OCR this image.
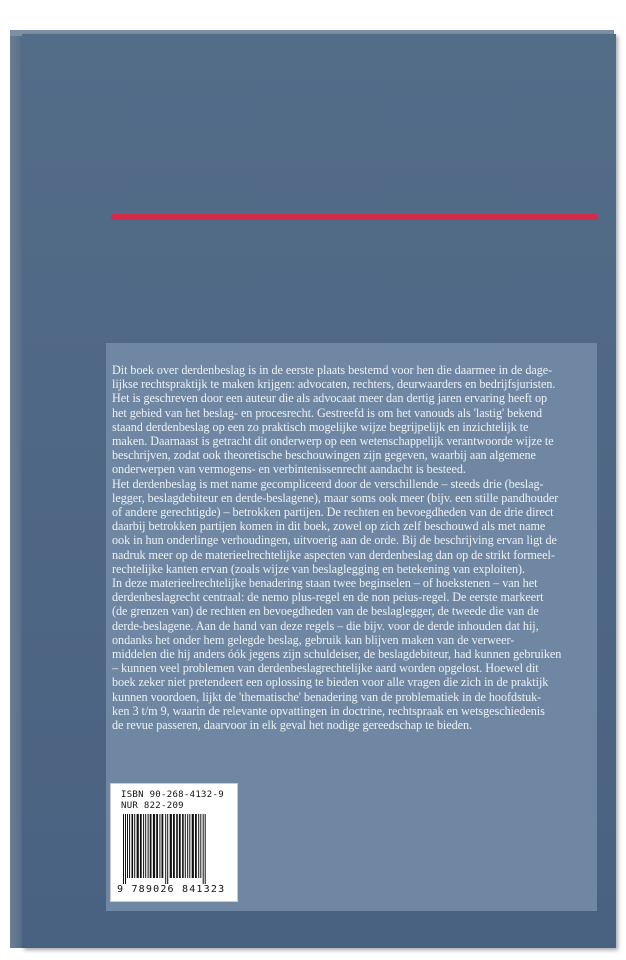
Dit boek over derdenbeslag is in de eerste plaats bestemd voor hen die daarmee in de dage-

lijkse rechtspraktijk te maken krijgen: advocaten, rechters, deurwaarders en bedrijfsjuristen.

Het is geschreven door een auteur die als advocaat meer dan dertig jaren ervaring heeft op

het gebied van het beslag- en procesrecht. Gestreefd is om het vanouds als 'lastig' bekend

staand derdenbeslag op een zo praktisch mogelijke wijze begrijpelijk en inzichtelijk te

maken. Daarnaast is getracht dit onderwerp op een wetenschappelijk verantwoorde wijze te

beschrijven, zodat ook theoretische beschouwingen zijn gegeven, waarbij aan algemene

onderwerpen van vermogens- en verbintenissenrecht aandacht is besteed.

Het derdenbeslag is met name gecompliceerd door de verschillende – steeds drie (beslag-

legger, beslagdebiteur en derde-beslagene), maar soms ook meer (bijv. een stille pandhouder

of andere gerechtigde) – betrokken partijen. De rechten en bevoegdheden van de drie direct

daarbij betrokken partijen komen in dit boek, zowel op zich zelf beschouwd als met name

ook in hun onderlinge verhoudingen, uitvoerig aan de orde. Bij de beschrijving ervan ligt de

nadruk meer op de materieelrechtelijke aspecten van derdenbeslag dan op de strikt formeel-

rechtelijke kanten ervan (zoals wijze van beslaglegging en betekening van exploiten).

In deze materieelrechtelijke benadering staan twee beginselen – of hoekstenen – van het

derdenbeslagrecht centraal: de nemo plus-regel en de non peius-regel. De eerste markeert

(de grenzen van) de rechten en bevoegdheden van de beslaglegger, de tweede die van de

derde-beslagene. Aan de hand van deze regels – die bijv. voor de derde inhouden dat hij,

ondanks het onder hem gelegde beslag, gebruik kan blijven maken van de verweer-

middelen die hij anders óók jegens zijn schuldeiser, de beslagdebiteur, had kunnen gebruiken

– kunnen veel problemen van derdenbeslagrechtelijke aard worden opgelost. Hoewel dit

boek zeker niet pretendeert een oplossing te bieden voor alle vragen die zich in de praktijk

kunnen voordoen, lijkt de 'thematische' benadering van de problematiek in de hoofdstuk-

ken 3 t/m 9, waarin de relevante opvattingen in doctrine, rechtspraak en wetsgeschiedenis

de revue passeren, daarvoor in elk geval het nodige gereedschap te bieden.

ISBN 90-268-4132-9
NUR 822-209
9 789026 841323
